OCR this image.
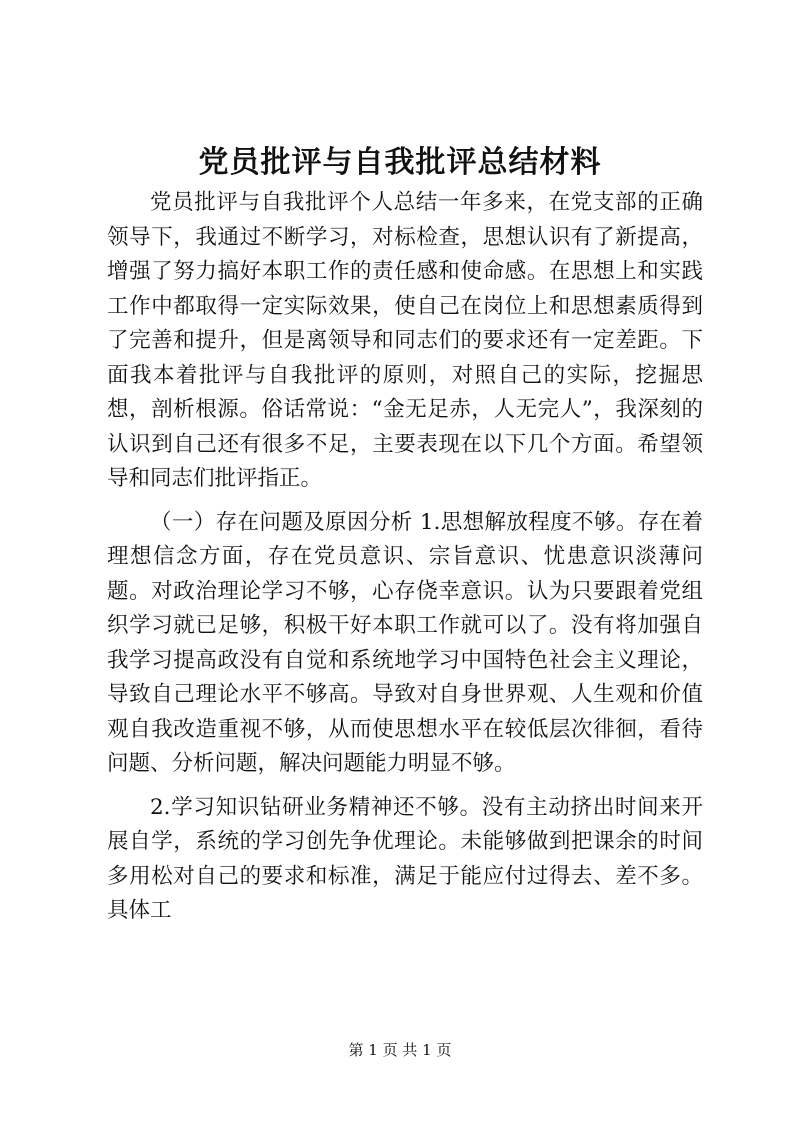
党员批评与自我批评总结材料

党员批评与自我批评个人总结一年多来，在党支部的正确领导下，我通过不断学习，对标检查，思想认识有了新提高，增强了努力搞好本职工作的责任感和使命感。在思想上和实践工作中都取得一定实际效果，使自己在岗位上和思想素质得到了完善和提升，但是离领导和同志们的要求还有一定差距。下面我本着批评与自我批评的原则，对照自己的实际，挖掘思想，剖析根源。俗话常说：“金无足赤，人无完人”，我深刻的认识到自己还有很多不足，主要表现在以下几个方面。希望领导和同志们批评指正。

（一）存在问题及原因分析 1.思想解放程度不够。存在着理想信念方面，存在党员意识、宗旨意识、忧患意识淡薄问题。对政治理论学习不够，心存侥幸意识。认为只要跟着党组织学习就已足够，积极干好本职工作就可以了。没有将加强自我学习提高政没有自觉和系统地学习中国特色社会主义理论，导致自己理论水平不够高。导致对自身世界观、人生观和价值观自我改造重视不够，从而使思想水平在较低层次徘徊，看待问题、分析问题，解决问题能力明显不够。

2.学习知识钻研业务精神还不够。没有主动挤出时间来开展自学，系统的学习创先争优理论。未能够做到把课余的时间多用松对自己的要求和标准，满足于能应付过得去、差不多。具体工

第 1 页 共 1 页
